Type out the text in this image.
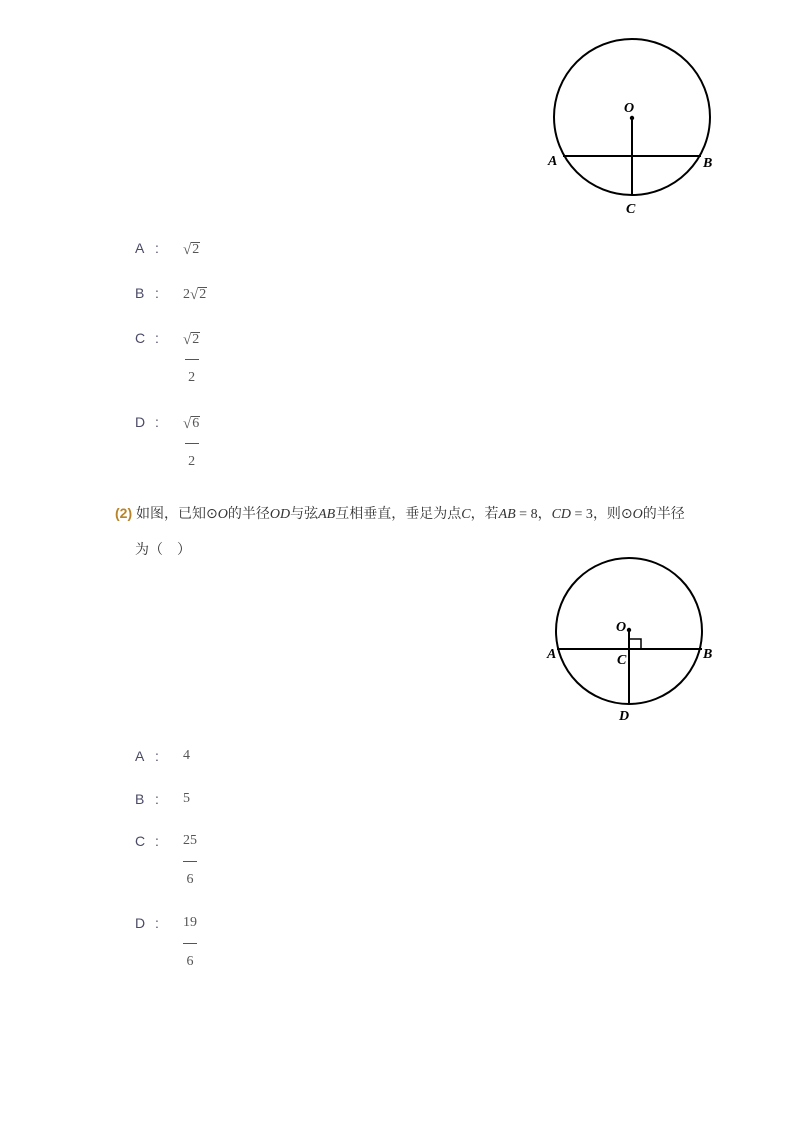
O
A	B
C
A :	√ 2
B :	2 √ 2
C :	$\frac{√ 2}{2}$
D :	$\frac{√ 6}{2}$
(2) 如图，已知⊙O的半径OD与弦AB互相垂直，垂足为点C，若AB = 8，CD = 3，则⊙O的半径
为（　）
O
C
A	B
D
A :	4
B :	5
C :	$\frac{25}{6}$
D :	$\frac{19}{6}$
